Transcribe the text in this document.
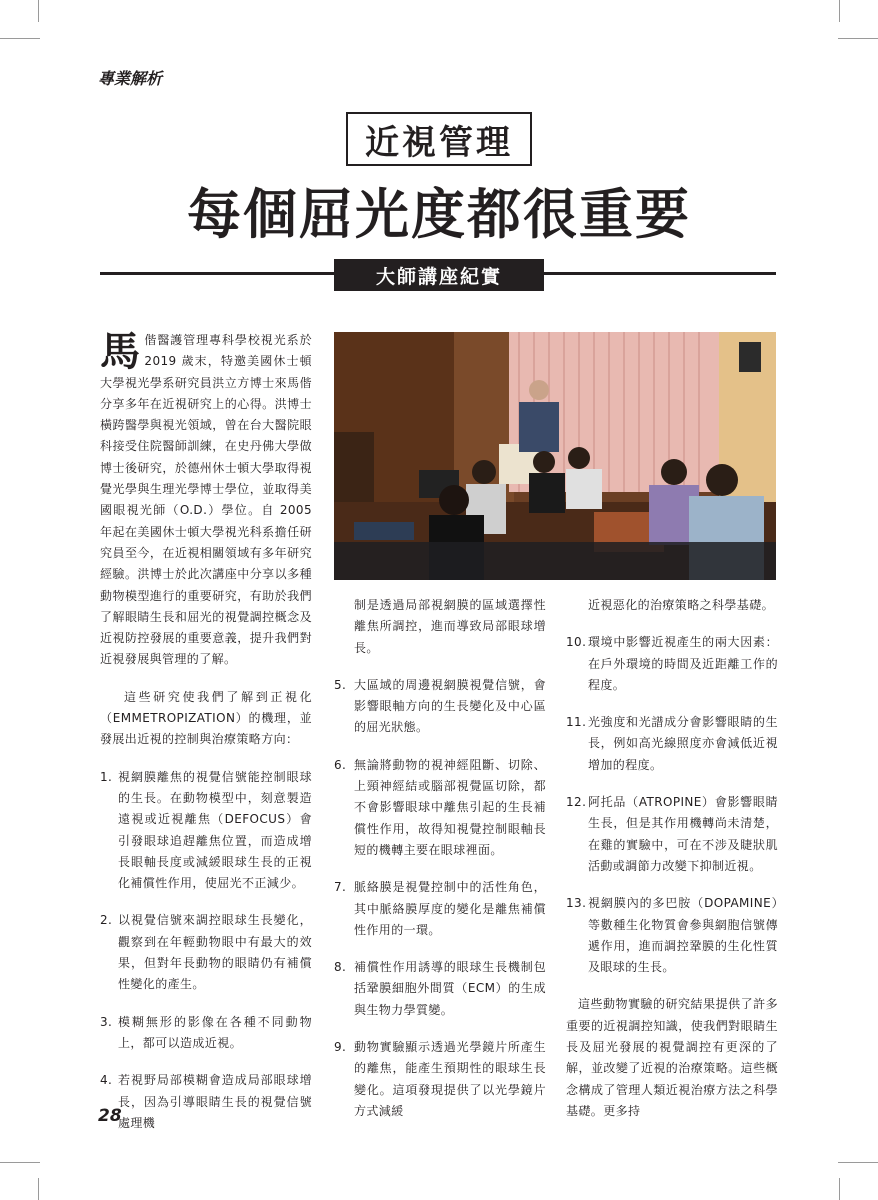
專業解析
近視管理
每個屈光度都很重要
大師講座紀實

馬偕醫護管理專科學校視光系於 2019 歲末，特邀美國休士頓大學視光學系研究員洪立方博士來馬偕分享多年在近視研究上的心得。洪博士橫跨醫學與視光領域，曾在台大醫院眼科接受住院醫師訓練，在史丹佛大學做博士後研究，於德州休士頓大學取得視覺光學與生理光學博士學位，並取得美國眼視光師（O.D.）學位。自 2005 年起在美國休士頓大學視光科系擔任研究員至今，在近視相關領域有多年研究經驗。洪博士於此次講座中分享以多種動物模型進行的重要研究，有助於我們了解眼睛生長和屈光的視覺調控概念及近視防控發展的重要意義，提升我們對近視發展與管理的了解。

這些研究使我們了解到正視化（EMMETROPIZATION）的機理，並發展出近視的控制與治療策略方向：

1. 視網膜離焦的視覺信號能控制眼球的生長。在動物模型中，刻意製造遠視或近視離焦（DEFOCUS）會引發眼球追趕離焦位置，而造成增長眼軸長度或減緩眼球生長的正視化補償性作用，使屈光不正減少。
2. 以視覺信號來調控眼球生長變化，觀察到在年輕動物眼中有最大的效果，但對年長動物的眼睛仍有補償性變化的產生。
3. 模糊無形的影像在各種不同動物上，都可以造成近視。
4. 若視野局部模糊會造成局部眼球增長，因為引導眼睛生長的視覺信號處理機

制是透過局部視網膜的區域選擇性離焦所調控，進而導致局部眼球增長。

5. 大區域的周邊視網膜視覺信號，會影響眼軸方向的生長變化及中心區的屈光狀態。
6. 無論將動物的視神經阻斷、切除、上頸神經結或腦部視覺區切除，都不會影響眼球中離焦引起的生長補償性作用，故得知視覺控制眼軸長短的機轉主要在眼球裡面。
7. 脈絡膜是視覺控制中的活性角色，其中脈絡膜厚度的變化是離焦補償性作用的一環。
8. 補償性作用誘導的眼球生長機制包括鞏膜細胞外間質（ECM）的生成與生物力學質變。
9. 動物實驗顯示透過光學鏡片所產生的離焦，能產生預期性的眼球生長變化。這項發現提供了以光學鏡片方式減緩

近視惡化的治療策略之科學基礎。

10. 環境中影響近視產生的兩大因素：在戶外環境的時間及近距離工作的程度。
11. 光強度和光譜成分會影響眼睛的生長，例如高光線照度亦會減低近視增加的程度。
12. 阿托品（ATROPINE）會影響眼睛生長，但是其作用機轉尚未清楚，在雞的實驗中，可在不涉及睫狀肌活動或調節力改變下抑制近視。
13. 視網膜內的多巴胺（DOPAMINE）等數種生化物質會參與網胞信號傳遞作用，進而調控鞏膜的生化性質及眼球的生長。

這些動物實驗的研究結果提供了許多重要的近視調控知識，使我們對眼睛生長及屈光發展的視覺調控有更深的了解，並改變了近視的治療策略。這些概念構成了管理人類近視治療方法之科學基礎。更多持

28
